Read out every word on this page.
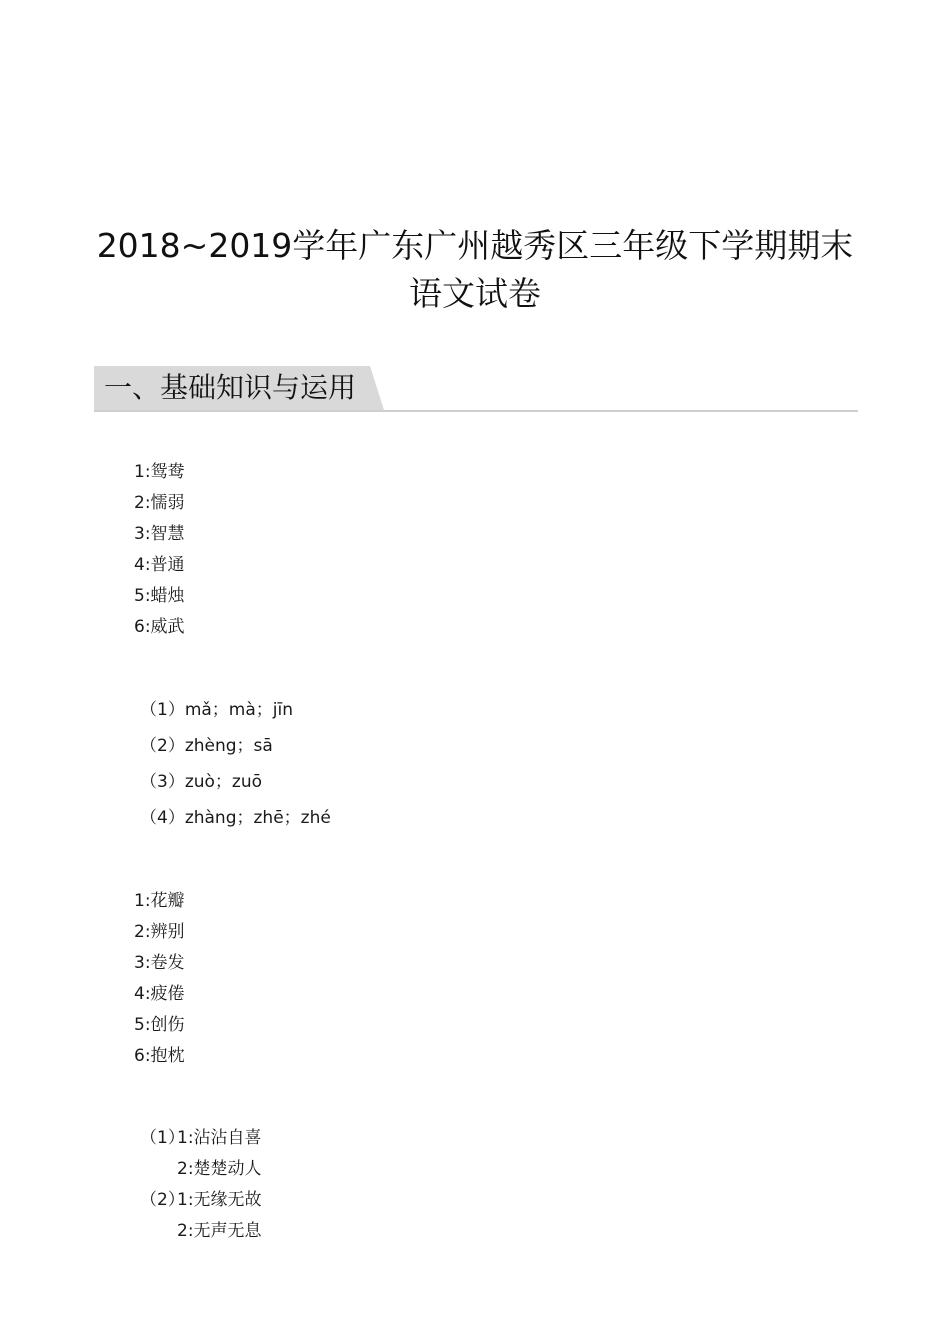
2018~2019学年广东广州越秀区三年级下学期期末
语文试卷
一、基础知识与运用
1:鸳鸯
2:懦弱
3:智慧
4:普通
5:蜡烛
6:威武
（1）mǎ；mà；jīn
（2）zhèng；sā
（3）zuò；zuō
（4）zhàng；zhē；zhé
1:花瓣
2:辨别
3:卷发
4:疲倦
5:创伤
6:抱枕
（1）1:沾沾自喜
2:楚楚动人
（2）1:无缘无故
2:无声无息
